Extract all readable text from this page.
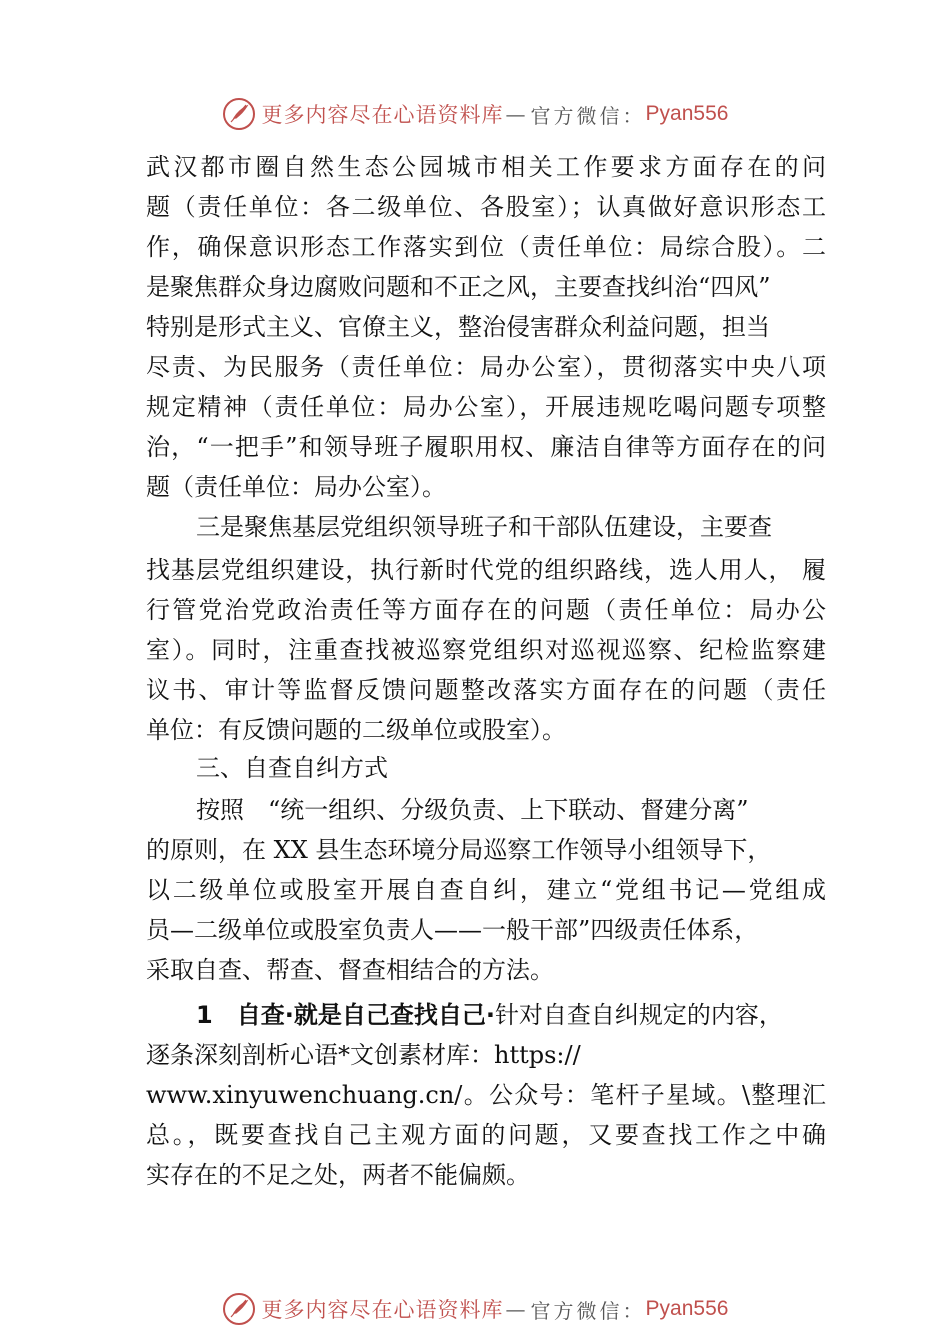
更多内容尽在心语资料库 — 官方微信： Pyan556
武汉都市圈自然生态公园城市相关工作要求方面存在的问
题（责任单位：各二级单位、各股室）；认真做好意识形态工
作，确保意识形态工作落实到位（责任单位：局综合股）。二
是聚焦群众身边腐败问题和不正之风，主要查找纠治“四风”
特别是形式主义、官僚主义，整治侵害群众利益问题，担当
尽责、为民服务（责任单位：局办公室），贯彻落实中央八项
规定精神（责任单位：局办公室），开展违规吃喝问题专项整
治，“一把手”和领导班子履职用权、廉洁自律等方面存在的问
题（责任单位：局办公室）。
三是聚焦基层党组织领导班子和干部队伍建设，主要查
找基层党组织建设，执行新时代党的组织路线，选人用人， 履
行管党治党政治责任等方面存在的问题（责任单位：局办公
室）。同时，注重查找被巡察党组织对巡视巡察、纪检监察建
议书、审计等监督反馈问题整改落实方面存在的问题（责任
单位：有反馈问题的二级单位或股室）。
三、自查自纠方式
按照　“统一组织、分级负责、上下联动、督建分离”
的原则，在 XX 县生态环境分局巡察工作领导小组领导下，
以二级单位或股室开展自查自纠，建立“党组书记—党组成
员—二级单位或股室负责人——一般干部”四级责任体系，
采取自查、帮查、督查相结合的方法。
1　自查·就是自己查找自己·针对自查自纠规定的内容，
逐条深刻剖析心语*文创素材库：https://
www.xinyuwenchuang.cn/。公众号：笔杆子星域。\整理汇
总。，既要查找自己主观方面的问题，又要查找工作之中确
实存在的不足之处，两者不能偏颇。
更多内容尽在心语资料库 — 官方微信： Pyan556
